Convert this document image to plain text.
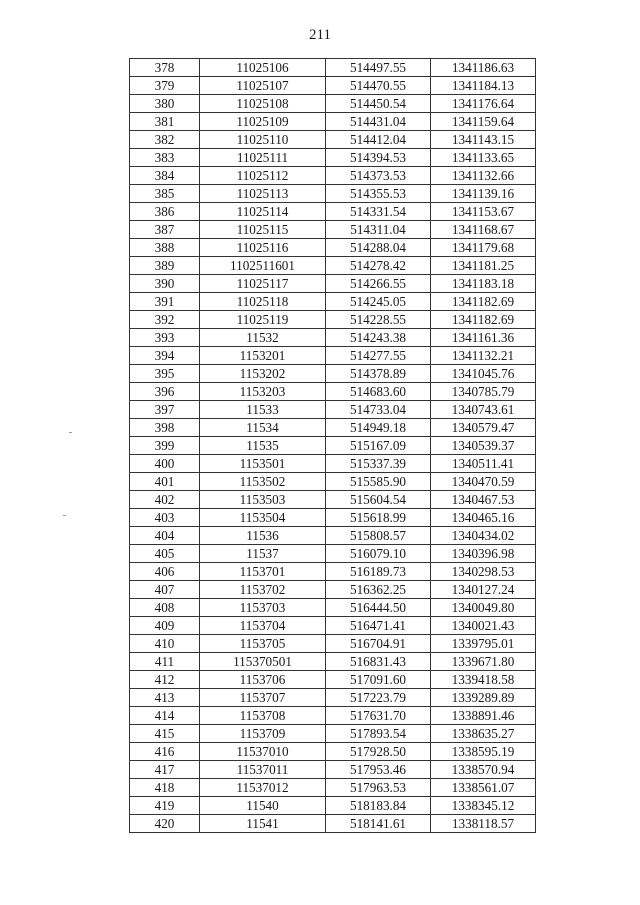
211
378	11025106	514497.55	1341186.63
379	11025107	514470.55	1341184.13
380	11025108	514450.54	1341176.64
381	11025109	514431.04	1341159.64
382	11025110	514412.04	1341143.15
383	11025111	514394.53	1341133.65
384	11025112	514373.53	1341132.66
385	11025113	514355.53	1341139.16
386	11025114	514331.54	1341153.67
387	11025115	514311.04	1341168.67
388	11025116	514288.04	1341179.68
389	1102511601	514278.42	1341181.25
390	11025117	514266.55	1341183.18
391	11025118	514245.05	1341182.69
392	11025119	514228.55	1341182.69
393	11532	514243.38	1341161.36
394	1153201	514277.55	1341132.21
395	1153202	514378.89	1341045.76
396	1153203	514683.60	1340785.79
397	11533	514733.04	1340743.61
398	11534	514949.18	1340579.47
399	11535	515167.09	1340539.37
400	1153501	515337.39	1340511.41
401	1153502	515585.90	1340470.59
402	1153503	515604.54	1340467.53
403	1153504	515618.99	1340465.16
404	11536	515808.57	1340434.02
405	11537	516079.10	1340396.98
406	1153701	516189.73	1340298.53
407	1153702	516362.25	1340127.24
408	1153703	516444.50	1340049.80
409	1153704	516471.41	1340021.43
410	1153705	516704.91	1339795.01
411	115370501	516831.43	1339671.80
412	1153706	517091.60	1339418.58
413	1153707	517223.79	1339289.89
414	1153708	517631.70	1338891.46
415	1153709	517893.54	1338635.27
416	11537010	517928.50	1338595.19
417	11537011	517953.46	1338570.94
418	11537012	517963.53	1338561.07
419	11540	518183.84	1338345.12
420	11541	518141.61	1338118.57
